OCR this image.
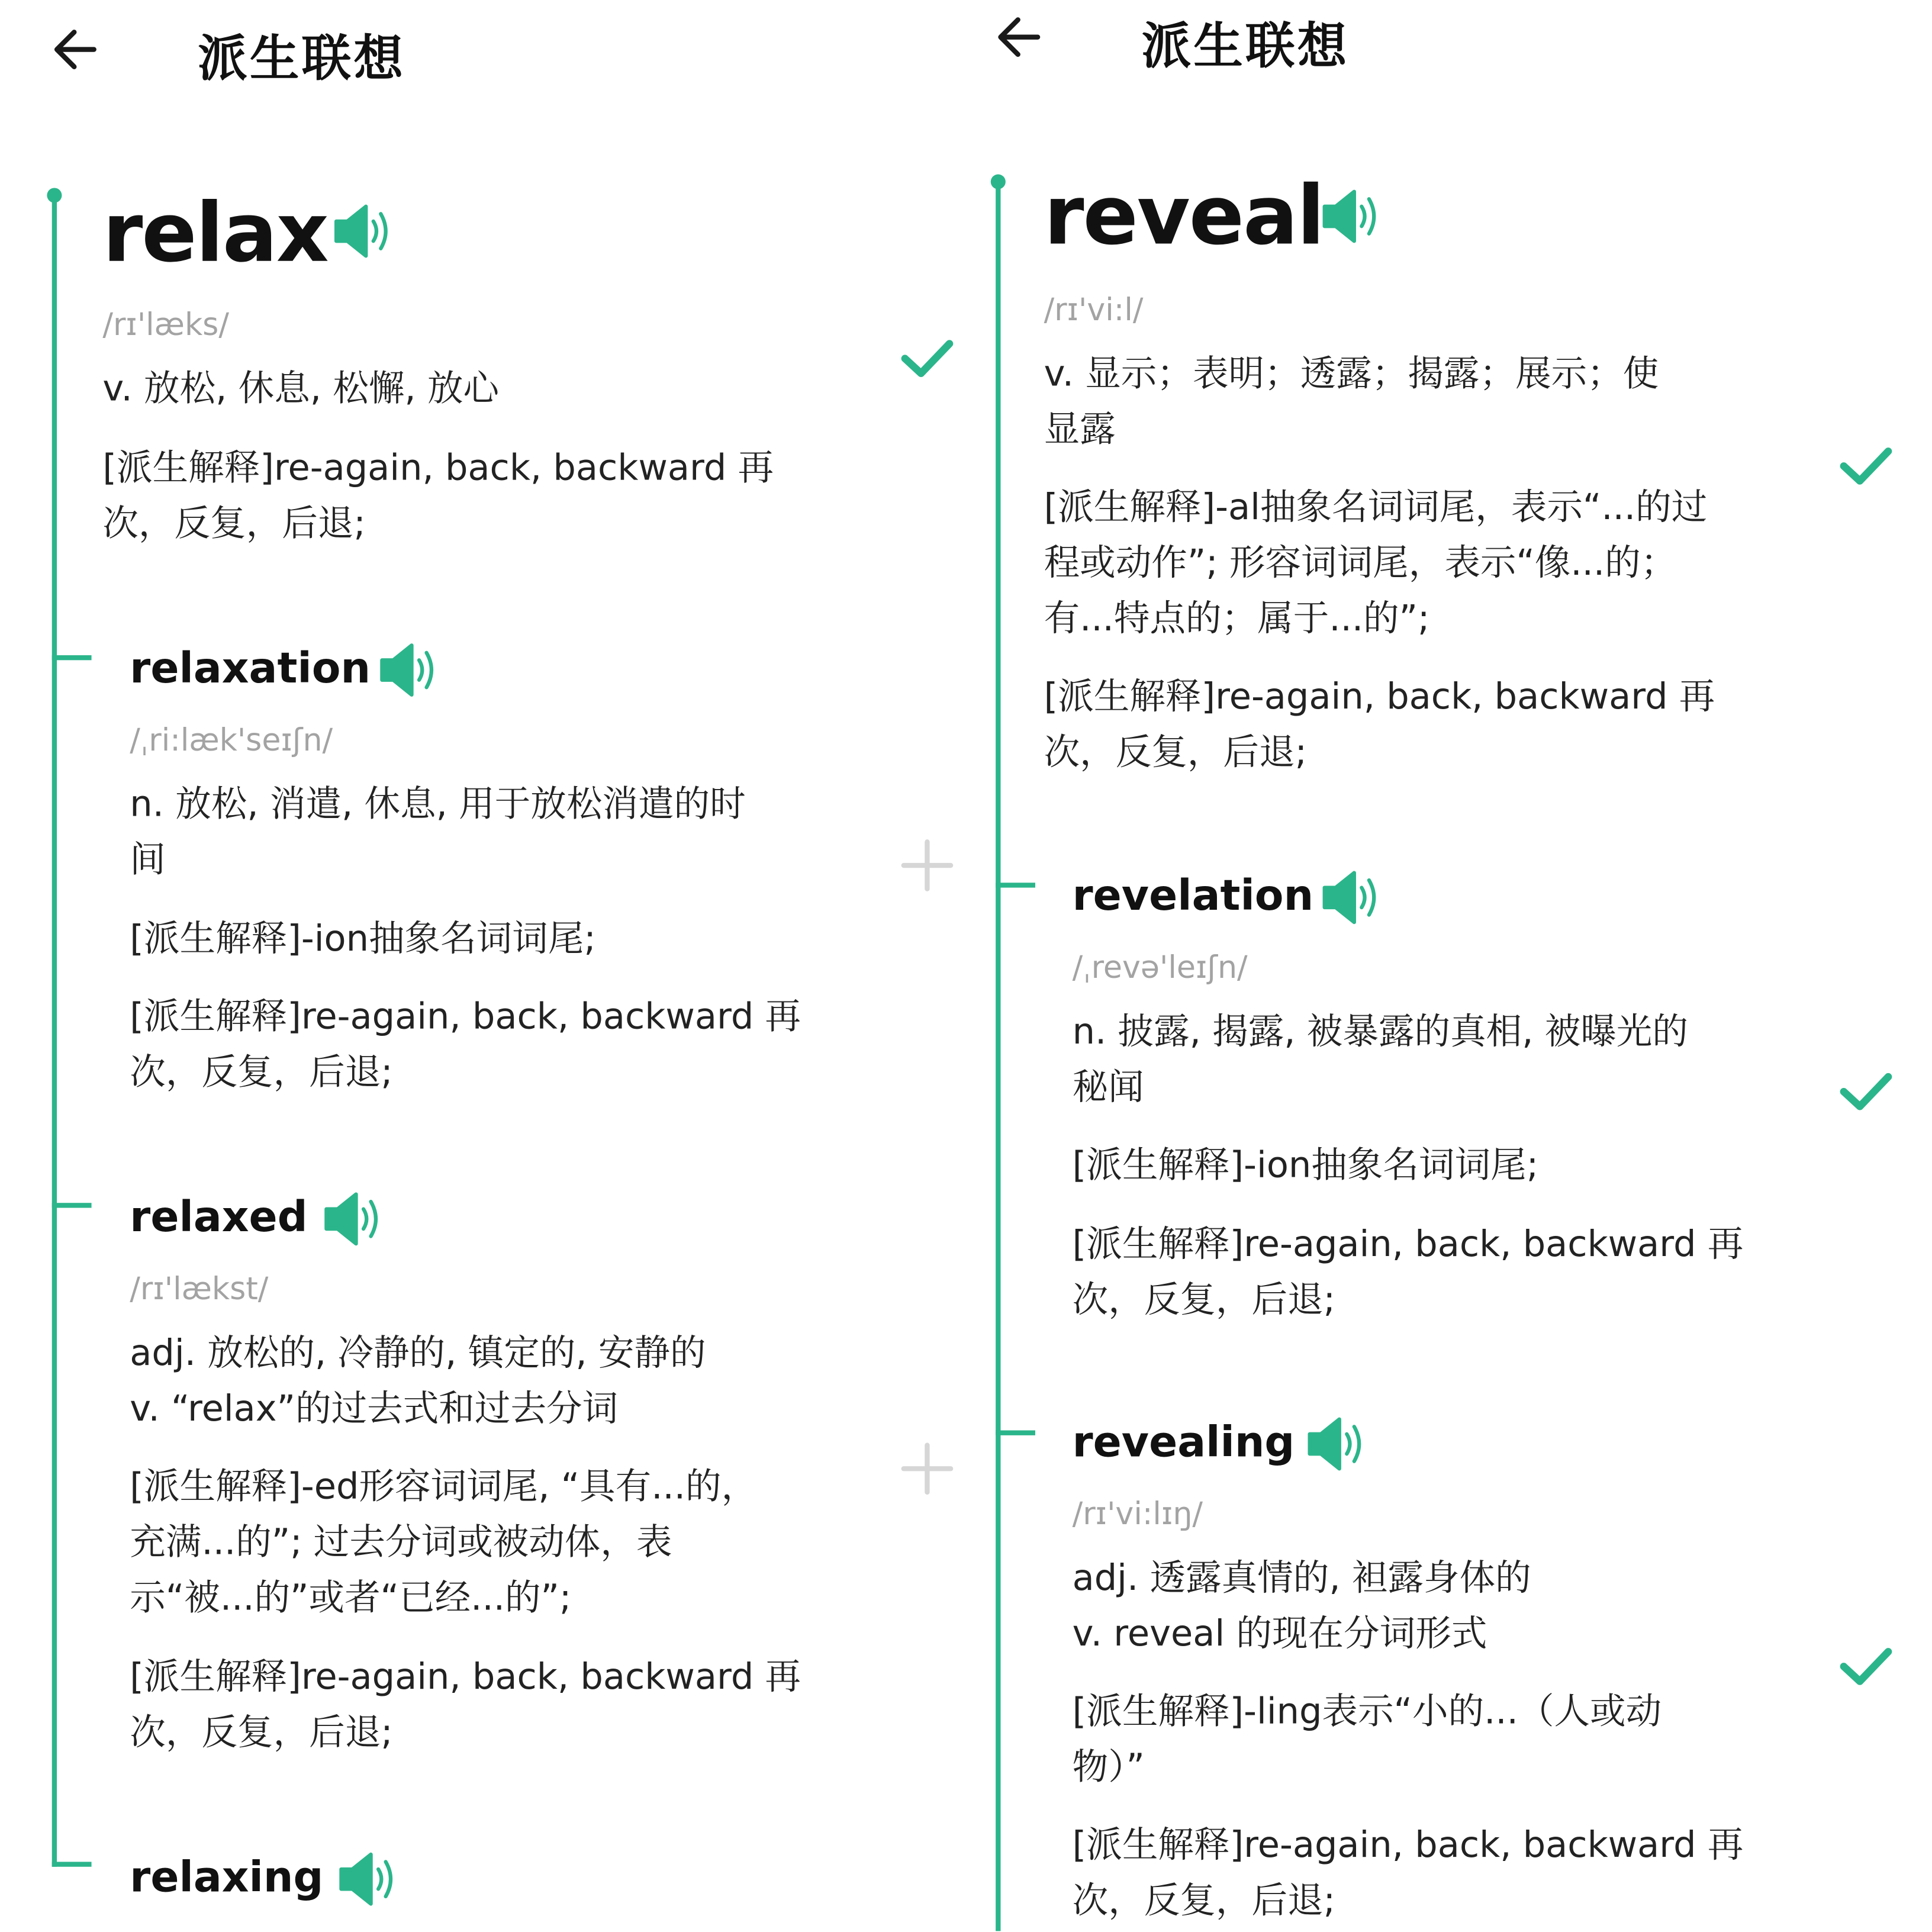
派生联想
relax
/rɪ'læks/
v. 放松, 休息, 松懈, 放心
[派生解释]re-again, back, backward 再
次，反复，后退;
relaxation
/ˌri:læk'seɪʃn/
n. 放松, 消遣, 休息, 用于放松消遣的时
间
[派生解释]-ion抽象名词词尾;
[派生解释]re-again, back, backward 再
次，反复，后退;
relaxed
/rɪ'lækst/
adj. 放松的, 冷静的, 镇定的, 安静的
v. “relax”的过去式和过去分词
[派生解释]-ed形容词词尾, “具有...的，
充满...的”; 过去分词或被动体，表
示“被...的”或者“已经...的”;
[派生解释]re-again, back, backward 再
次，反复，后退;
relaxing
派生联想
reveal
/rɪ'vi:l/
v. 显示；表明；透露；揭露；展示；使
显露
[派生解释]-al抽象名词词尾，表示“...的过
程或动作”; 形容词词尾，表示“像...的；
有...特点的；属于...的”;
[派生解释]re-again, back, backward 再
次，反复，后退;
revelation
/ˌrevə'leɪʃn/
n. 披露, 揭露, 被暴露的真相, 被曝光的
秘闻
[派生解释]-ion抽象名词词尾;
[派生解释]re-again, back, backward 再
次，反复，后退;
revealing
/rɪ'vi:lɪŋ/
adj. 透露真情的, 袒露身体的
v. reveal 的现在分词形式
[派生解释]-ling表示“小的...（人或动
物）”
[派生解释]re-again, back, backward 再
次，反复，后退;
